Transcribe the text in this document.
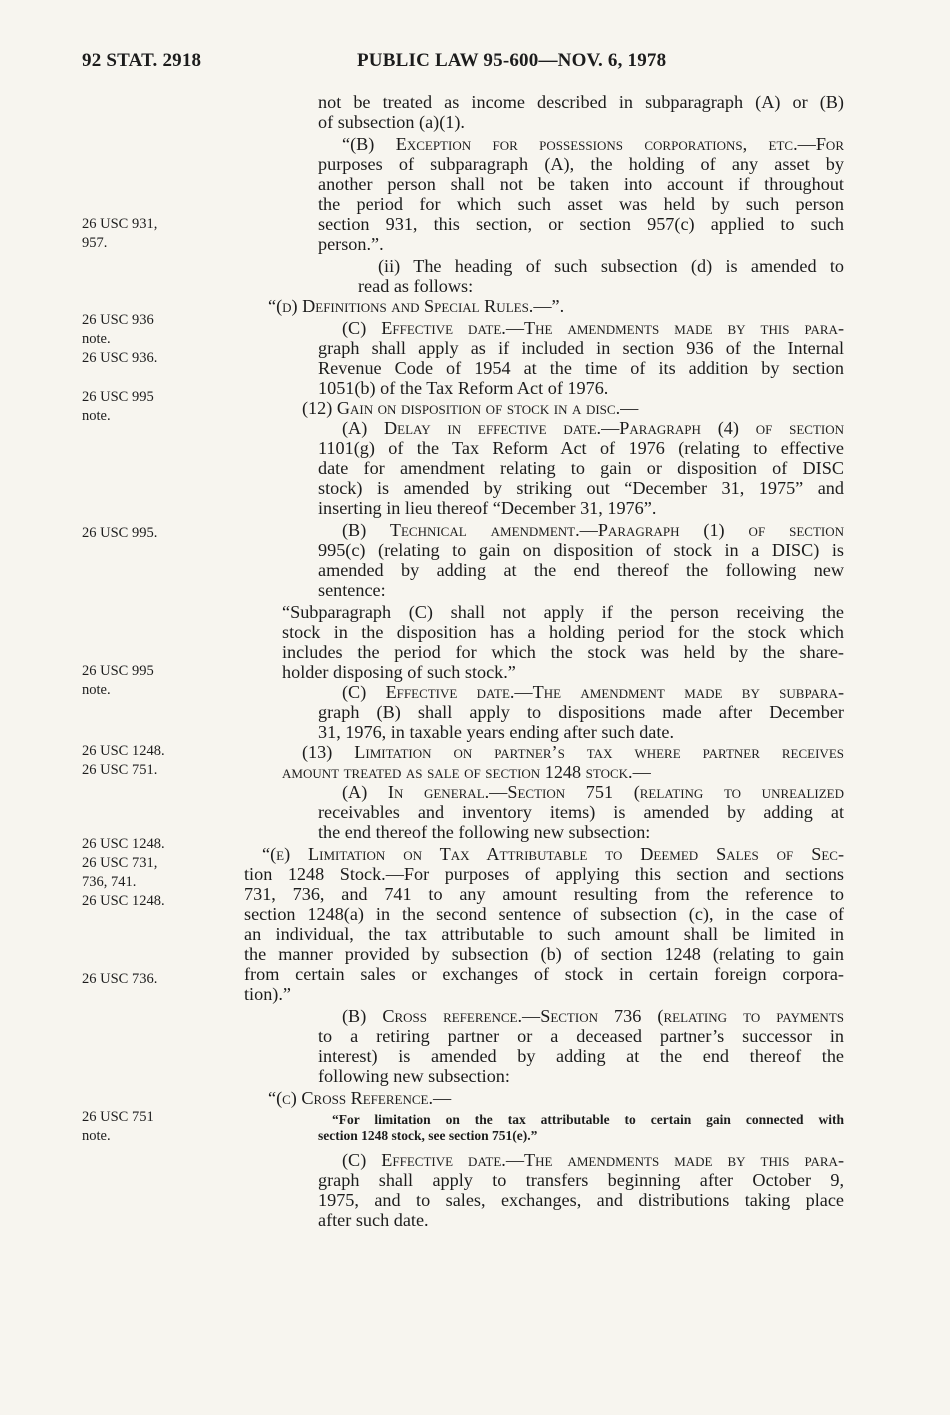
92 STAT. 2918	PUBLIC LAW 95-600—NOV. 6, 1978
26 USC 931,
957.
26 USC 936
note.
26 USC 936.
26 USC 995
note.
26 USC 995.
26 USC 995
note.
26 USC 1248.
26 USC 751.
26 USC 1248.
26 USC 731,
736, 741.
26 USC 1248.
26 USC 736.
26 USC 751
note.
not be treated as income described in subparagraph (A) or (B)
of subsection (a)(1).
“(B) Exception for possessions corporations, etc.—For
purposes of subparagraph (A), the holding of any asset by
another person shall not be taken into account if throughout
the period for which such asset was held by such person
section 931, this section, or section 957(c) applied to such
person.”.
(ii) The heading of such subsection (d) is amended to
read as follows:
“(d) Definitions and Special Rules.—”.
(C) Effective date.—The amendments made by this para-
graph shall apply as if included in section 936 of the Internal
Revenue Code of 1954 at the time of its addition by section
1051(b) of the Tax Reform Act of 1976.
(12) Gain on disposition of stock in a disc.—
(A) Delay in effective date.—Paragraph (4) of section
1101(g) of the Tax Reform Act of 1976 (relating to effective
date for amendment relating to gain or disposition of DISC
stock) is amended by striking out “December 31, 1975” and
inserting in lieu thereof “December 31, 1976”.
(B) Technical amendment.—Paragraph (1) of section
995(c) (relating to gain on disposition of stock in a DISC) is
amended by adding at the end thereof the following new
sentence:
“Subparagraph (C) shall not apply if the person receiving the
stock in the disposition has a holding period for the stock which
includes the period for which the stock was held by the share-
holder disposing of such stock.”
(C) Effective date.—The amendment made by subpara-
graph (B) shall apply to dispositions made after December
31, 1976, in taxable years ending after such date.
(13) Limitation on partner’s tax where partner receives
amount treated as sale of section 1248 stock.—
(A) In general.—Section 751 (relating to unrealized
receivables and inventory items) is amended by adding at
the end thereof the following new subsection:
“(e) Limitation on Tax Attributable to Deemed Sales of Sec-
tion 1248 Stock.—For purposes of applying this section and sections
731, 736, and 741 to any amount resulting from the reference to
section 1248(a) in the second sentence of subsection (c), in the case of
an individual, the tax attributable to such amount shall be limited in
the manner provided by subsection (b) of section 1248 (relating to gain
from certain sales or exchanges of stock in certain foreign corpora-
tion).”
(B) Cross reference.—Section 736 (relating to payments
to a retiring partner or a deceased partner’s successor in
interest) is amended by adding at the end thereof the
following new subsection:
“(c) Cross Reference.—
“For limitation on the tax attributable to certain gain connected with
section 1248 stock, see section 751(e).”
(C) Effective date.—The amendments made by this para-
graph shall apply to transfers beginning after October 9,
1975, and to sales, exchanges, and distributions taking place
after such date.
